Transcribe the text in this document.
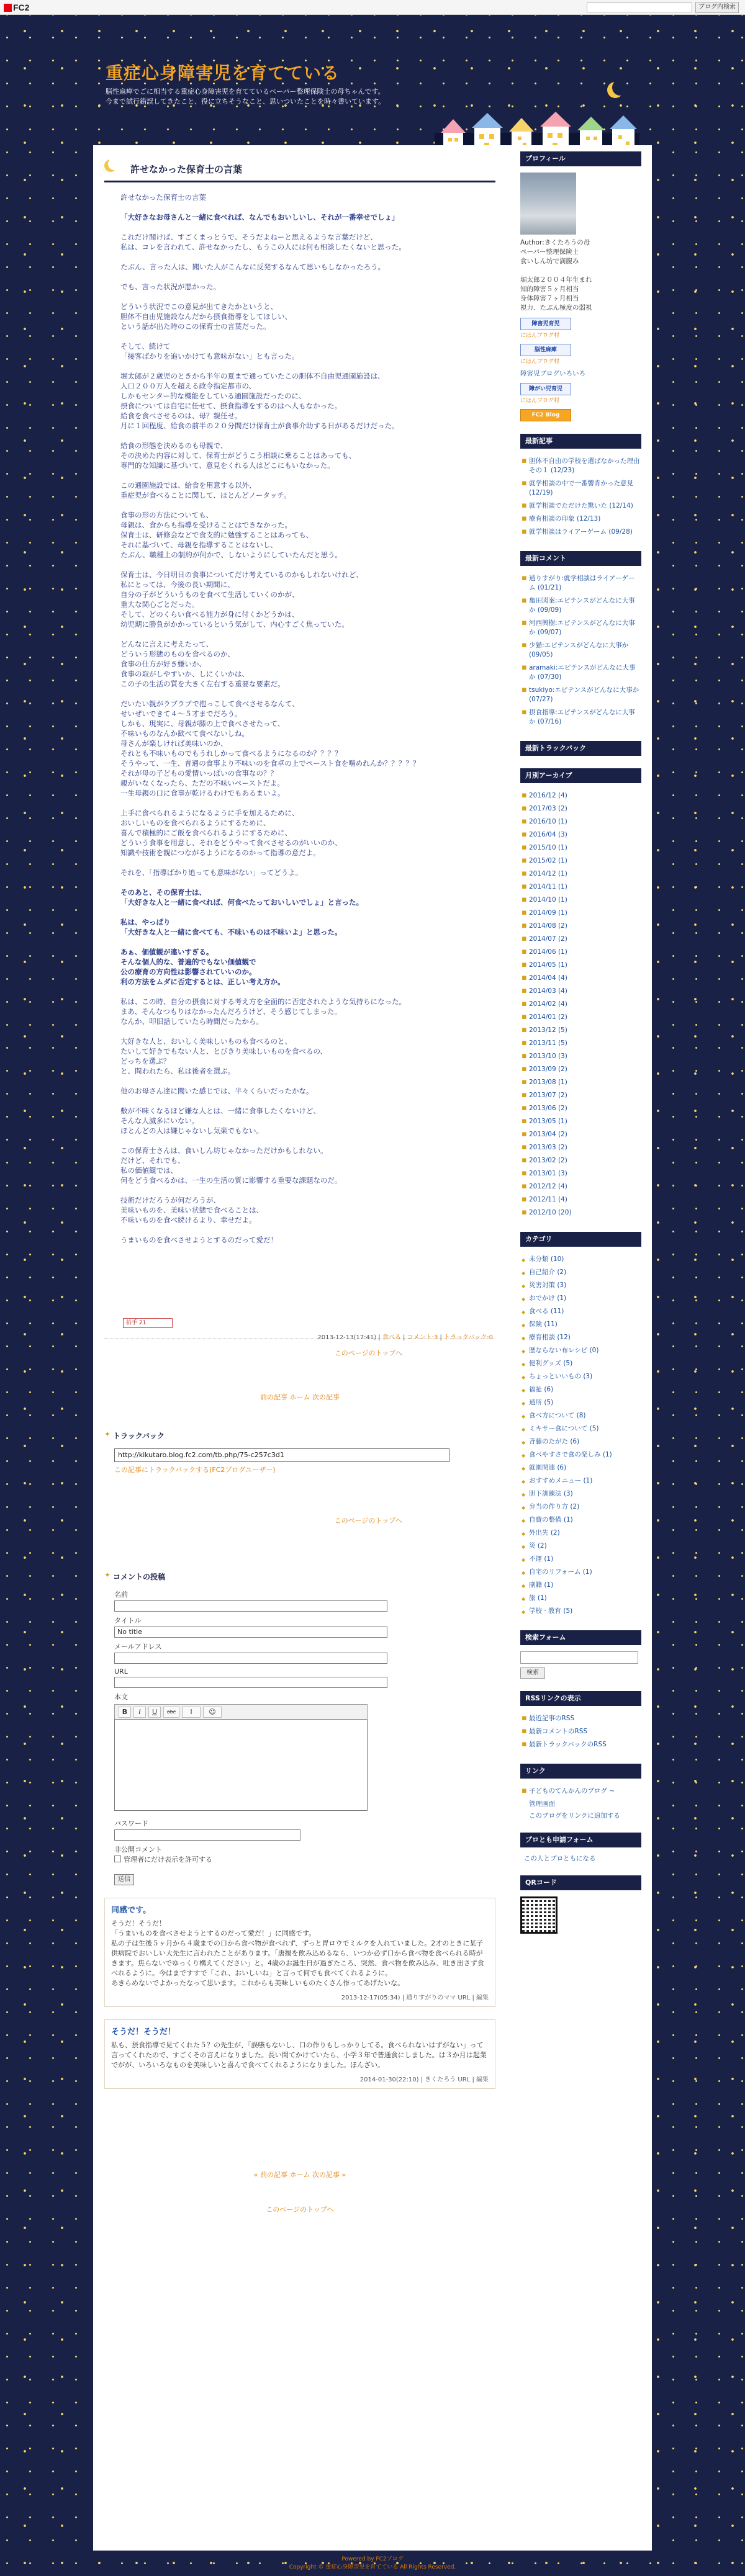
FC2	ブログ内検索
重症心身障害児を育てている
脳性麻痺でごに相当する重症心身障害児を育てているペーパー整理保険士の母ちゃんです。
今まで試行錯誤してきたこと、役に立ちそうなこと、思いついたことを時々書いています。
許せなかった保育士の言葉

許せなかった保育士の言葉

「大好きなお母さんと一緒に食べれば、なんでもおいしいし、それが一番幸せでしょ」

これだけ聞けば、すごくまっとうで、そうだよねーと思えるような言葉だけど、
私は、コレを言われて、許せなかったし、もうこの人には何も相談したくないと思った。

たぶん、言った人は、聞いた人がこんなに反発するなんて思いもしなかったろう。

でも、言った状況が悪かった。

どういう状況でこの意見が出てきたかというと、
胆体不自由児施設なんだから摂食指導をしてほしい、
という話が出た時のこの保育士の言葉だった。

そして、続けて
「接客ばかりを追いかけても意味がない」とも言った。

堀太郎が２歳児のときから半年の夏まで通っていたこの胆体不自由児通園施設は、
人口２００万人を超える政令指定都市の、
しかもセンター的な機能をしている通園施設だったのに、
摂食については自宅に任せて、摂食指導をするのはへ人もなかった。
給食を食べさせるのは、母？親任せ。
月に１回程度、給食の前半の２０分間だけ保育士が食事介助する日があるだけだった。

給食の形態を決めるのも母親で、
その決めた内容に対して、保育士がどうこう相談に乗ることはあっても、
専門的な知識に基づいて、意見をくれる人はどこにもいなかった。

この通園施設では、給食を用意する以外、
重症児が食べることに関して、ほとんどノータッチ。

食事の形の方法についても、
母親は、食からも指導を受けることはできなかった。
保育士は、研修会などで食支的に勉強することはあっても、
それに基づいて、母親を指導することはないし、
たぶん、職種上の制約が何かで、しないようにしていたんだと思う。

保育士は、今日明日の食事についてだけ考えているのかもしれないけれど、
私にとっては、今後の長い期間に、
自分の子がどういうものを食べて生活していくのかが、
重大な関心ごとだった。
そして、どのくらい食べる能力が身に付くかどうかは、
幼児期に勝負がかかっているという気がして、内心すごく焦っていた。

どんなに言えに考えたって、
どういう形態のものを食べるのか、
食事の仕方が好き嫌いか、
食事の取がしやすいか、しにくいかは、
この子の生活の質を大きく左右する重要な要素だ。

だいたい親がラブラブで抱っこして食べさせるなんて、
せいぜいできて４〜５才までだろう。
しかも、現実に、母親が膝の上で食べさせたって、
不味いものなんか歓べて食べないしね。
母さんが楽しければ美味いのか、
それとも不味いものでもうれしかって食べるようになるのか？？？？
そうやって、一生、普通の食事より不味いのを食卓の上でペースト食を噛めれんか？？？？？
それが母の子どもの愛情いっぱいの食事なの？？
親がいなくなったら、ただの不味いペーストだよ。
一生母親の口に食事が乾けるわけでもあるまいよ。

上手に食べられるようになるように手を加えるために、
おいしいものを食べられるようにするために、
喜んで積極的にご飯を食べられるようにするために、
どういう食事を用意し、それをどうやって食べさせるのがいいのか、
知識や技術を親につながるようになるのかって指導の意だよ。

それを、「指導ばかり追っても意味がない」ってどうよ。

そのあと、その保育士は、
「大好きな人と一緒に食べれば、何食べたっておいしいでしょ」と言った。

私は、やっぱり
「大好きな人と一緒に食べても、不味いものは不味いよ」と思った。

あぁ、価値観が違いすぎる。
そんな個人的な、普遍的でもない価値観で
公の療育の方向性は影響されていいのか。
利の方法をムダに否定するとは、正しい考え方か。

私は、この時、自分の摂食に対する考え方を全面的に否定されたような気持ちになった。
まあ、そんなつもりはなかったんだろうけど、そう感じてしまった。
なんか、叩旧話していたら時間だったから。

大好きな人と、おいしく美味しいものも食べるのと、
たいして好きでもない人と、とびきり美味しいものを食べるの、
どっちを選ぶ？
と、問われたら、私は後者を選ぶ。

他のお母さん達に聞いた感じでは、半々くらいだったかな。

敷が不味くなるほど嫌な人とは、一緒に食事したくないけど、
そんな人滅多にいない。
ほとんどの人は嫌じゃないし気楽でもない。

この保育士さんは、食いしん坊じゃなかっただけかもしれない。
だけど、それでも、
私の価値観では、
何をどう食べるかは、一生の生活の質に影響する重要な課題なのだ。

技術だけだろうが何だろうが、
美味いものを、美味い状態で食べることは、
不味いものを食べ続けるより、幸せだよ。

うまいものを食べさせようとするのだって愛だ！

拍手 21
2013-12-13(17:41) | 食べる | コメント:3 | トラックバック:0
このページのトップへ
前の記事 ホーム 次の記事
✦ トラックバック
http://kikutaro.blog.fc2.com/tb.php/75-c257c3d1
この記事にトラックバックする(FC2ブログユーザー)
このページのトップへ
✦ コメントの投稿
名前
タイトル
No title
メールアドレス
URL
本文
B	I	U	abc	I	☺
パスワード
非公開コメント
管理者にだけ表示を許可する
送信
同感です。
そうだ！そうだ！
「うまいものを食べさせようとするのだって愛だ！」に同感です。
私の子は生後５ヶ月から４歳までの口から食べ物が食べれず、ずっと胃ロウでミルクを入れていました。2才のときに某子供病院でおいしい大先生に言われたことがあります。「唐揚を飲み込めるなら、いつか必ず口から食べ物を食べられる時がきます。焦らないでゆっくり構えてください」と。4歳のお誕生日が過ぎたころ、突然、食べ物を飲み込み、吐き出さず食べれるように。今はまですすで「これ、おいしいね」と言って何でも食べてくれるように。
あきらめないでよかったなって思います。これからも美味しいものたくさん作ってあげたいな。
2013-12-17(05:34) | 通りすがりのママ URL | 編集
そうだ！そうだ！
私も、摂食指導で見てくれた５？の先生が、「誤嚥もないし、口の作りもしっかりしてる。食べられないはずがない」って言ってくれたので、すごくその言えになりました。長い間てかけていたら、小学３年で普通食にしました。は３か月は起業でがが、いろいろなものを美味しいと喜んで食べてくれるようになりました。ほんざい。
2014-01-30(22:10) | きくたろう URL | 編集
« 前の記事 ホーム 次の記事 »
このページのトップへ
プロフィール
Author:きくたろうの母
ペーパー整理保険士
食いしん坊で満腹み

堀太郎２００４年生まれ
知的障害５ヶ月相当
身体障害７ヶ月相当
視力、たぶん極度の弱視
障害児育児
にほんブログ村
脳性麻痺
にほんブログ村
障害児ブログいろいろ
障がい児育児
にほんブログ村
FC2 Blog Ranking
最新記事
▪ 胆体不自由の学校を選ばなかった理由 その１ (12/23)
▪ 就学相談の中で一番響肯かった意見 (12/19)
▪ 就学相談でただけた驚いた (12/14)
▪ 療育相談の印象 (12/13)
▪ 就学相談はライアーゲーム (09/28)
最新コメント
▪ 通りすがり:就学相談はライアーゲーム (01/21)
▪ 亀田図案:エピテンスがどんなに大事か (09/09)
▪ 河西興樹:エピテンスがどんなに大事か (09/07)
▪ 少猫:エピテンスがどんなに大事か (09/05)
▪ aramaki:エピテンスがどんなに大事か (07/30)
▪ tsukiyo:エピテンスがどんなに大事か (07/27)
▪ 摂食指導:エピテンスがどんなに大事か (07/16)
最新トラックバック
月別アーカイブ
▪ 2016/12 (4)
▪ 2017/03 (2)
▪ 2016/10 (1)
▪ 2016/04 (3)
▪ 2015/10 (1)
▪ 2015/02 (1)
▪ 2014/12 (1)
▪ 2014/11 (1)
▪ 2014/10 (1)
▪ 2014/09 (1)
▪ 2014/08 (2)
▪ 2014/07 (2)
▪ 2014/06 (1)
▪ 2014/05 (1)
▪ 2014/04 (4)
▪ 2014/03 (4)
▪ 2014/02 (4)
▪ 2014/01 (2)
▪ 2013/12 (5)
▪ 2013/11 (5)
▪ 2013/10 (3)
▪ 2013/09 (2)
▪ 2013/08 (1)
▪ 2013/07 (2)
▪ 2013/06 (2)
▪ 2013/05 (1)
▪ 2013/04 (2)
▪ 2013/03 (2)
▪ 2013/02 (2)
▪ 2013/01 (3)
▪ 2012/12 (4)
▪ 2012/11 (4)
▪ 2012/10 (20)
カテゴリ
◆ 未分類 (10)
◆ 自己紹介 (2)
◆ 災害対策 (3)
◆ おでかけ (1)
◆ 食べる (11)
◆ 保険 (11)
◆ 療育相談 (12)
◆ 歴ならない布レシピ (0)
◆ 便利グッズ (5)
◆ ちょっといいもの (3)
◆ 福祉 (6)
◆ 通所 (5)
◆ 食べ方について (8)
◆ ミキサー食について (5)
◆ 斉藤のたがた (6)
◆ 食べやすさで食の楽しみ (1)
◆ 就園関連 (6)
◆ おすすめメニュー (1)
◆ 胆下訓練法 (3)
◆ 弁当の作り方 (2)
◆ 自費の整備 (1)
◆ 外出先 (2)
◆ 災 (2)
◆ 不運 (1)
◆ 自宅のリフォーム (1)
◆ 副籍 (1)
◆ 旅 (1)
◆ 学校 · 教育 (5)
検索フォーム
検索
RSSリンクの表示
▪ 最近記事のRSS
▪ 最新コメントのRSS
▪ 最新トラックバックのRSS
リンク
▪ 子どものてんかんのブログ ~
管理画面
このブログをリンクに追加する
ブロとも申請フォーム
この人とブロともになる
QRコード
Powered by FC2ブログ
Copyright © 重症心身障害児を育てている All Rights Reserved.
